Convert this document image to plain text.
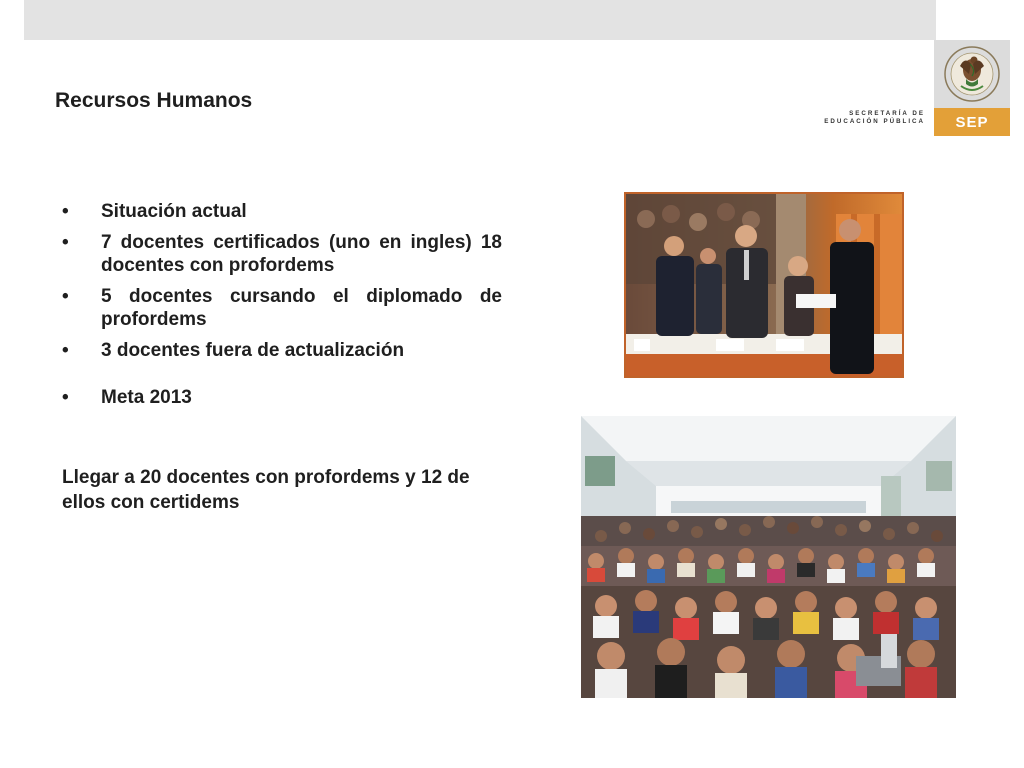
Recursos Humanos
SEP
SECRETARÍA DE
EDUCACIÓN PÚBLICA
• Situación actual
• 7 docentes certificados (uno en ingles) 18 docentes con profordems
• 5 docentes cursando el diplomado de profordems
• 3 docentes fuera de actualización
• Meta 2013

Llegar a 20 docentes con profordems y 12 de ellos con certidems
